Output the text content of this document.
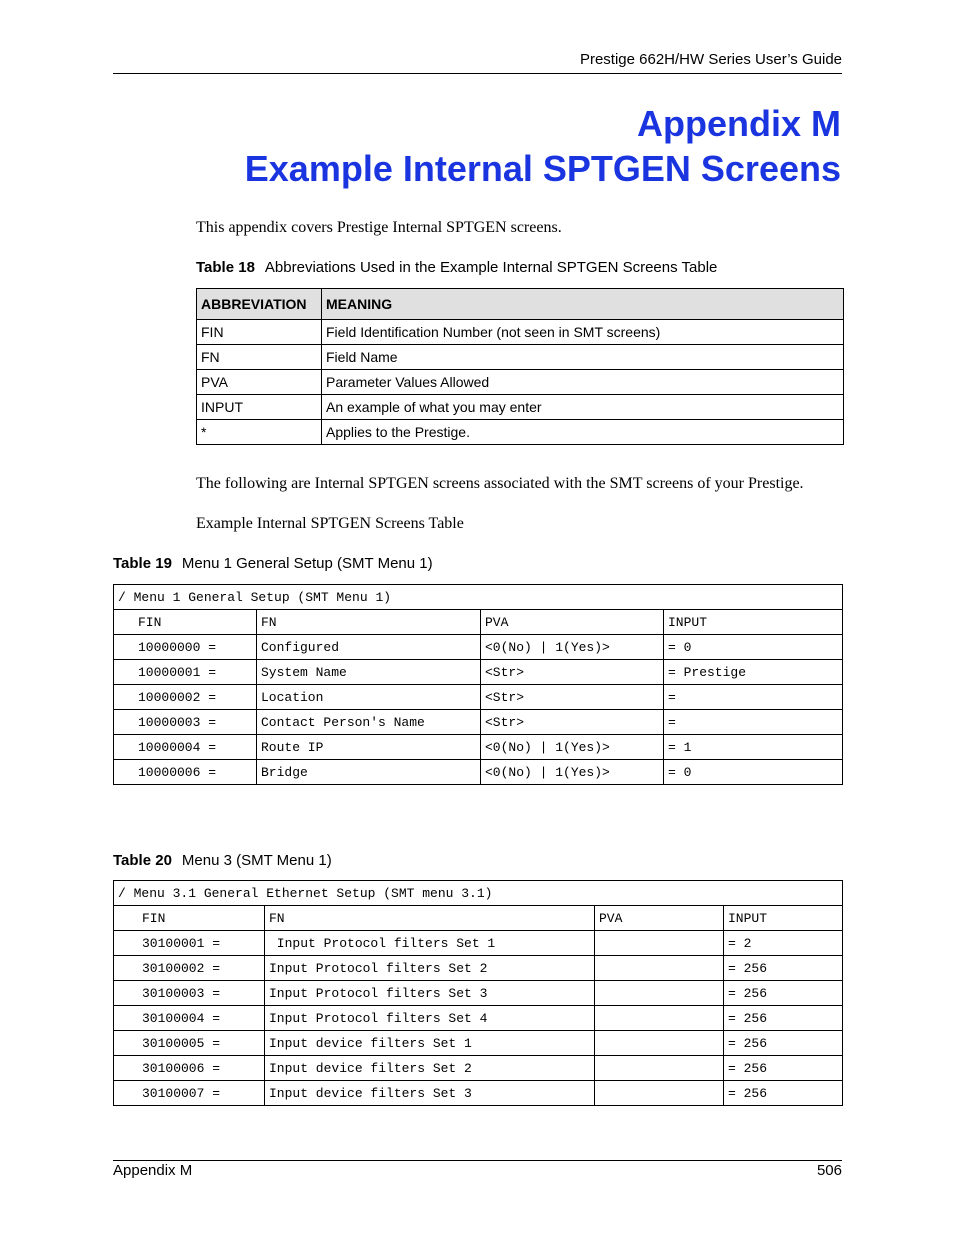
Prestige 662H/HW Series User’s Guide
Appendix M
Example Internal SPTGEN Screens
This appendix covers Prestige Internal SPTGEN screens.
Table 18 Abbreviations Used in the Example Internal SPTGEN Screens Table
ABBREVIATION	MEANING
FIN	Field Identification Number (not seen in SMT screens)
FN	Field Name
PVA	Parameter Values Allowed
INPUT	An example of what you may enter
*	Applies to the Prestige.
The following are Internal SPTGEN screens associated with the SMT screens of your Prestige.
Example Internal SPTGEN Screens Table
Table 19 Menu 1 General Setup (SMT Menu 1)
/ Menu 1 General Setup (SMT Menu 1)			
FIN	FN	PVA	INPUT
10000000 =	Configured	<0(No) | 1(Yes)>	= 0
10000001 =	System Name	<Str>	= Prestige
10000002 =	Location	<Str>	=
10000003 =	Contact Person's Name	<Str>	=
10000004 =	Route IP	<0(No) | 1(Yes)>	= 1
10000006 =	Bridge	<0(No) | 1(Yes)>	= 0
Table 20 Menu 3 (SMT Menu 1)
/ Menu 3.1 General Ethernet Setup (SMT menu 3.1)			
FIN	FN	PVA	INPUT
30100001 =	Input Protocol filters Set 1		= 2
30100002 =	Input Protocol filters Set 2		= 256
30100003 =	Input Protocol filters Set 3		= 256
30100004 =	Input Protocol filters Set 4		= 256
30100005 =	Input device filters Set 1		= 256
30100006 =	Input device filters Set 2		= 256
30100007 =	Input device filters Set 3		= 256
Appendix M	506
